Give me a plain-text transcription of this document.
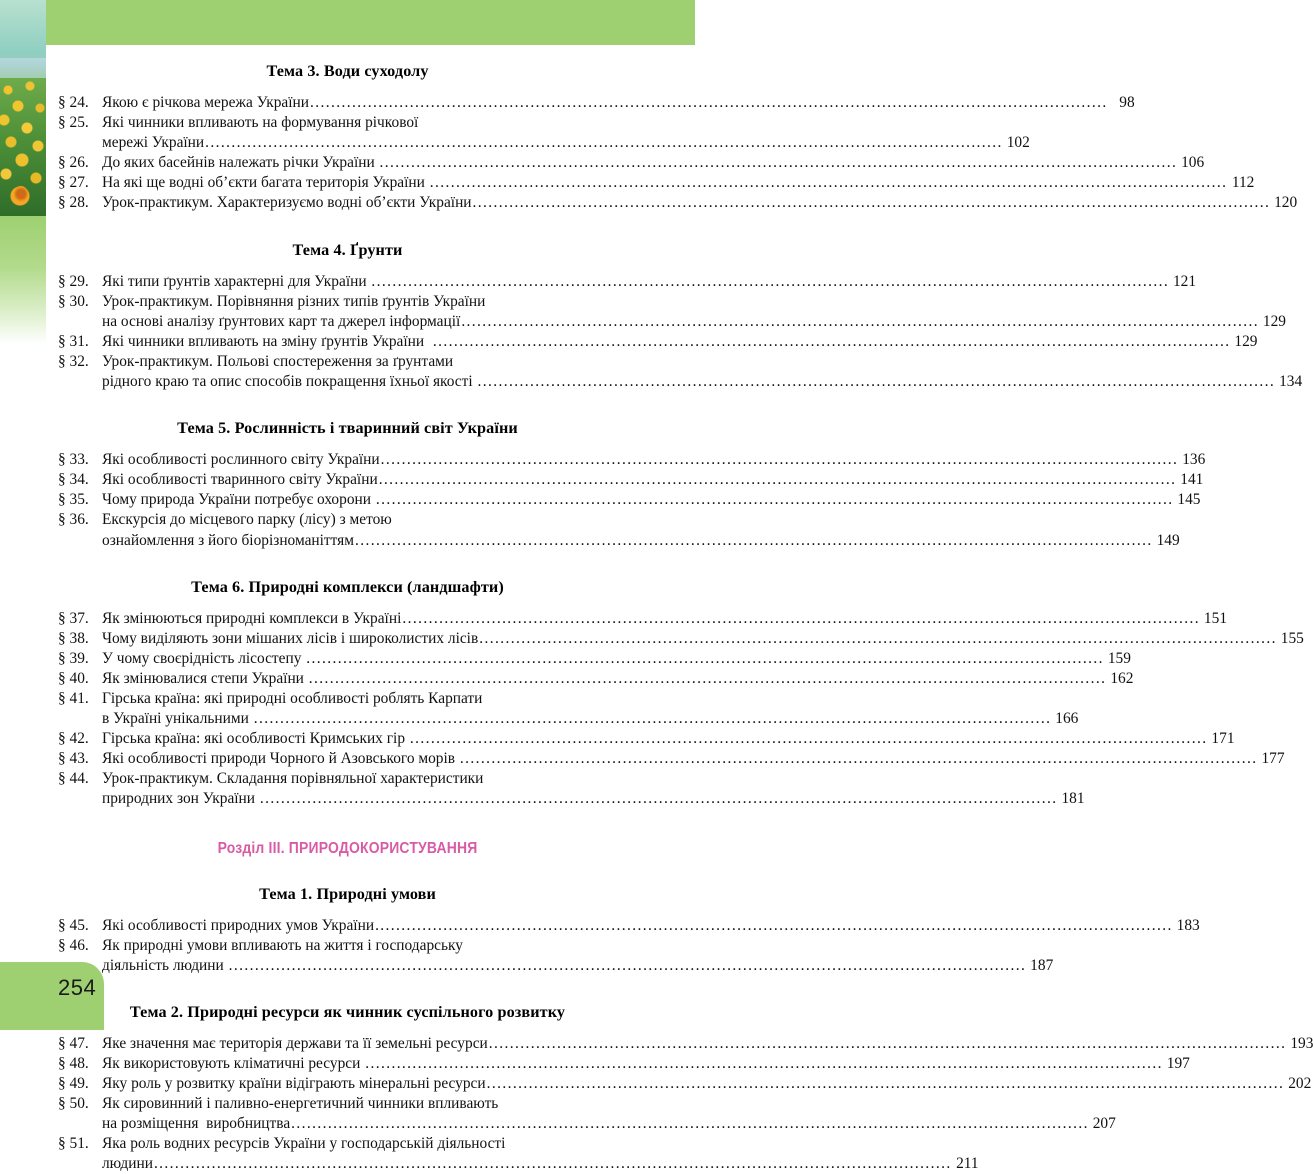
Тема 3. Води суходолу
§ 24. Якою є річкова мережа України .....	98
§ 25. Які чинники впливають на формування річкової
мережі України .....	102
§ 26. До яких басейнів належать річки України .....	106
§ 27. На які ще водні об’єкти багата територія України .....	112
§ 28. Урок-практикум. Характеризуємо водні об’єкти України .....	120
Тема 4. Ґрунти
§ 29. Які типи ґрунтів характерні для України .....	121
§ 30. Урок-практикум. Порівняння різних типів ґрунтів України
на основі аналізу ґрунтових карт та джерел інформації .....	129
§ 31. Які чинники впливають на зміну ґрунтів України .....	129
§ 32. Урок-практикум. Польові спостереження за ґрунтами
рідного краю та опис способів покращення їхньої якості .....	134
Тема 5. Рослинність і тваринний світ України
§ 33. Які особливості рослинного світу України .....	136
§ 34. Які особливості тваринного світу України .....	141
§ 35. Чому природа України потребує охорони .....	145
§ 36. Екскурсія до місцевого парку (лісу) з метою
ознайомлення з його біорізноманіттям .....	149
Тема 6. Природні комплекси (ландшафти)
§ 37. Як змінюються природні комплекси в Україні .....	151
§ 38. Чому виділяють зони мішаних лісів і широколистих лісів .....	155
§ 39. У чому своєрідність лісостепу .....	159
§ 40. Як змінювалися степи України .....	162
§ 41. Гірська країна: які природні особливості роблять Карпати
в Україні унікальними .....	166
§ 42. Гірська країна: які особливості Кримських гір .....	171
§ 43. Які особливості природи Чорного й Азовського морів .....	177
§ 44. Урок-практикум. Складання порівняльної характеристики
природних зон України .....	181
Розділ III. ПРИРОДОКОРИСТУВАННЯ
Тема 1. Природні умови
§ 45. Які особливості природних умов України .....	183
§ 46. Як природні умови впливають на життя і господарську
діяльність людини .....	187
Тема 2. Природні ресурси як чинник суспільного розвитку
§ 47. Яке значення має територія держави та її земельні ресурси .....	193
§ 48. Як використовують кліматичні ресурси .....	197
§ 49. Яку роль у розвитку країни відіграють мінеральні ресурси .....	202
§ 50. Як сировинний і паливно-енергетичний чинники впливають
на розміщення  виробництва .....	207
§ 51. Яка роль водних ресурсів України у господарській діяльності
людини .....	211
254
